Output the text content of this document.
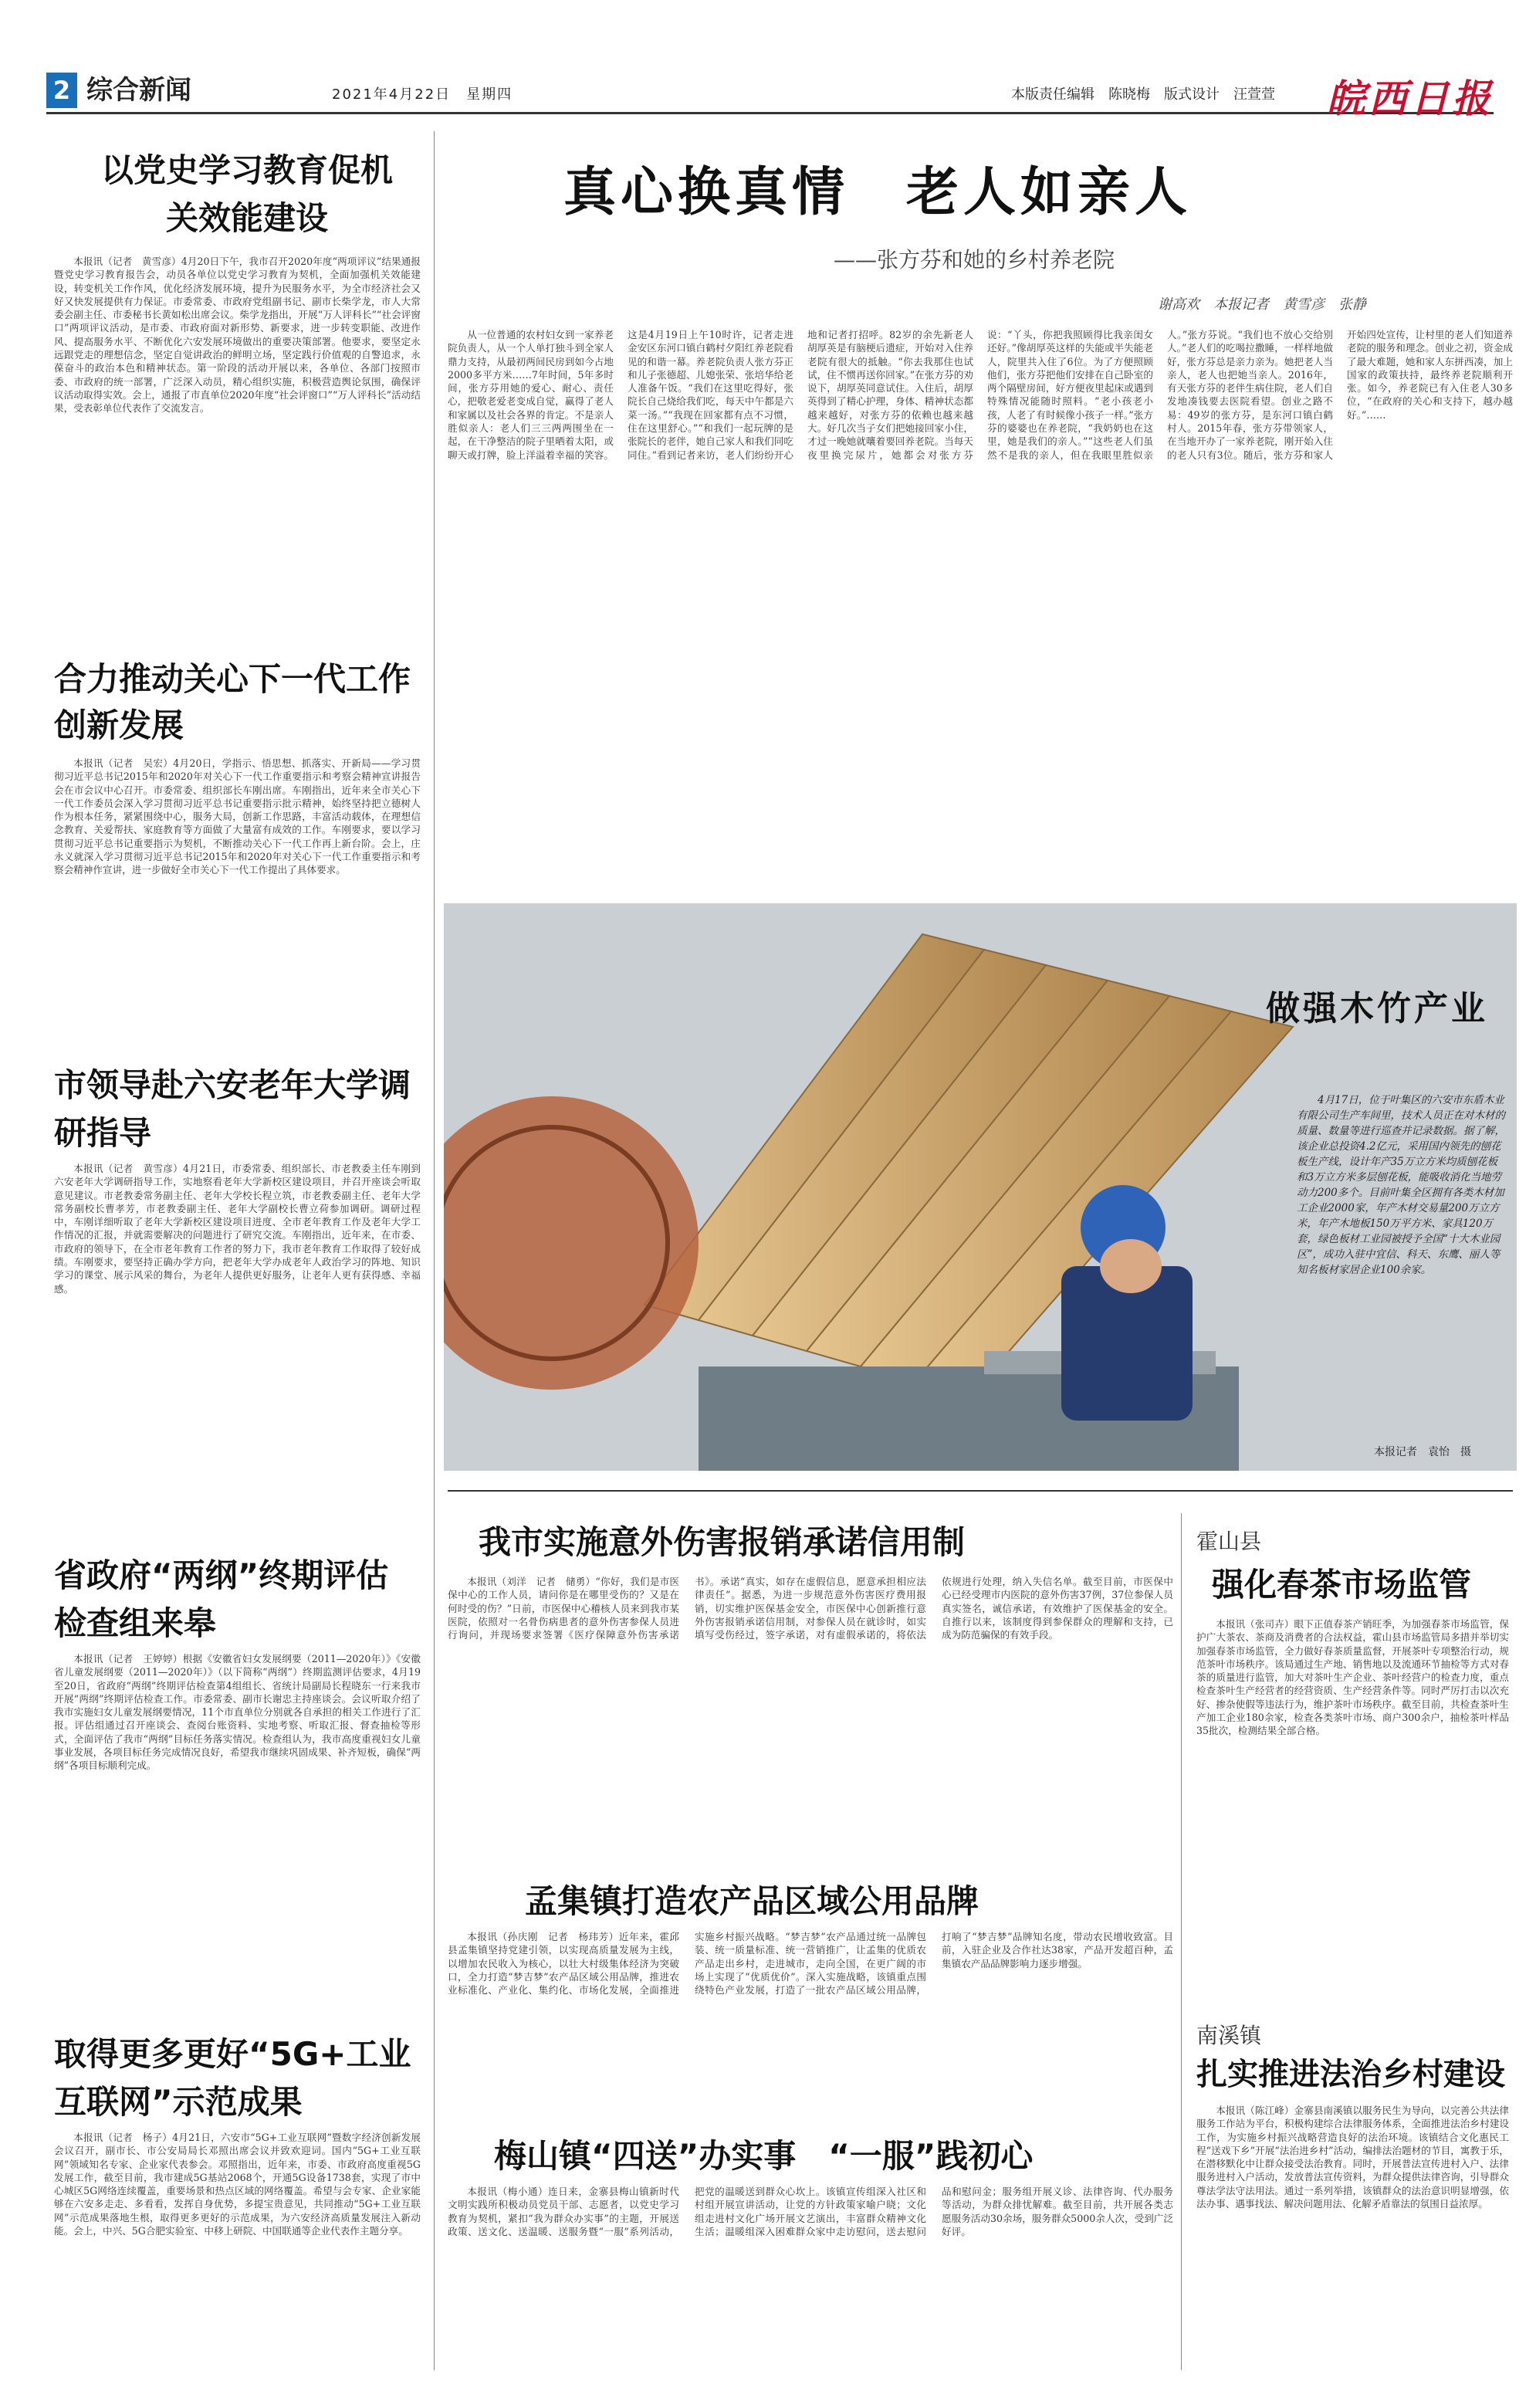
2 综合新闻	2021年4月22日　星期四	本版责任编辑　陈晓梅　版式设计　汪萱萱 皖西日报
以党史学习教育促机关效能建设
本报讯（记者　黄雪彦）4月20日下午，我市召开2020年度“两项评议”结果通报暨党史学习教育报告会，动员各单位以党史学习教育为契机，全面加强机关效能建设，转变机关工作作风，优化经济发展环境，提升为民服务水平，为全市经济社会又好又快发展提供有力保证。市委常委、市政府党组副书记、副市长柴学龙，市人大常委会副主任、市委秘书长黄如松出席会议。柴学龙指出，开展“万人评科长”“社会评窗口”两项评议活动，是市委、市政府面对新形势、新要求，进一步转变职能、改进作风、提高服务水平、不断优化六安发展环境做出的重要决策部署。他要求，要坚定永远跟党走的理想信念，坚定自觉讲政治的鲜明立场，坚定践行价值观的自警追求，永葆奋斗的政治本色和精神状态。第一阶段的活动开展以来，各单位、各部门按照市委、市政府的统一部署，广泛深入动员，精心组织实施，积极营造舆论氛围，确保评议活动取得实效。会上，通报了市直单位2020年度“社会评窗口”“万人评科长”活动结果，受表彰单位代表作了交流发言。
合力推动关心下一代工作创新发展
本报讯（记者　吴宏）4月20日，学指示、悟思想、抓落实、开新局——学习贯彻习近平总书记2015年和2020年对关心下一代工作重要指示和考察会精神宣讲报告会在市会议中心召开。市委常委、组织部长车刚出席。车刚指出，近年来全市关心下一代工作委员会深入学习贯彻习近平总书记重要指示批示精神，始终坚持把立德树人作为根本任务，紧紧围绕中心，服务大局，创新工作思路，丰富活动载体，在理想信念教育、关爱帮扶、家庭教育等方面做了大量富有成效的工作。车刚要求，要以学习贯彻习近平总书记重要指示为契机，不断推动关心下一代工作再上新台阶。会上，庄永义就深入学习贯彻习近平总书记2015年和2020年对关心下一代工作重要指示和考察会精神作宣讲，进一步做好全市关心下一代工作提出了具体要求。
市领导赴六安老年大学调研指导
本报讯（记者　黄雪彦）4月21日，市委常委、组织部长、市老教委主任车刚到六安老年大学调研指导工作，实地察看老年大学新校区建设项目，并召开座谈会听取意见建议。市老教委常务副主任、老年大学校长程立筑，市老教委副主任、老年大学常务副校长曹孝芳，市老教委副主任、老年大学副校长曹立荷参加调研。调研过程中，车刚详细听取了老年大学新校区建设项目进度、全市老年教育工作及老年大学工作情况的汇报，并就需要解决的问题进行了研究交流。车刚指出，近年来，在市委、市政府的领导下，在全市老年教育工作者的努力下，我市老年教育工作取得了较好成绩。车刚要求，要坚持正确办学方向，把老年大学办成老年人政治学习的阵地、知识学习的课堂、展示风采的舞台，为老年人提供更好服务，让老年人更有获得感、幸福感。
省政府“两纲”终期评估检查组来皋
本报讯（记者　王婷婷）根据《安徽省妇女发展纲要（2011—2020年）》《安徽省儿童发展纲要（2011—2020年）》（以下简称“两纲”）终期监测评估要求，4月19至20日，省政府“两纲”终期评估检查第4组组长、省统计局副局长程晓东一行来我市开展“两纲”终期评估检查工作。市委常委、副市长谢忠主持座谈会。会议听取介绍了我市实施妇女儿童发展纲要情况，11个市直单位分别就各自承担的相关工作进行了汇报。评估组通过召开座谈会、查阅台账资料、实地考察、听取汇报、督查抽检等形式，全面评估了我市“两纲”目标任务落实情况。检查组认为，我市高度重视妇女儿童事业发展，各项目标任务完成情况良好，希望我市继续巩固成果、补齐短板，确保“两纲”各项目标顺利完成。
取得更多更好“5G+工业互联网”示范成果
本报讯（记者　杨子）4月21日，六安市“5G+工业互联网”暨数字经济创新发展会议召开，副市长、市公安局局长邓照出席会议并致欢迎词。国内“5G+工业互联网”领域知名专家、企业家代表参会。邓照指出，近年来，市委、市政府高度重视5G发展工作，截至目前，我市建成5G基站2068个，开通5G设备1738套，实现了市中心城区5G网络连续覆盖，重要场景和热点区域的网络覆盖。希望与会专家、企业家能够在六安多走走、多看看，发挥自身优势，多提宝贵意见，共同推动“5G+工业互联网”示范成果落地生根，取得更多更好的示范成果，为六安经济高质量发展注入新动能。会上，中兴、5G合肥实验室、中移上研院、中国联通等企业代表作主题分享。
真心换真情　老人如亲人
——张方芬和她的乡村养老院
谢高欢　本报记者　黄雪彦　张静
从一位普通的农村妇女到一家养老院负责人，从一个人单打独斗到全家人鼎力支持，从最初两间民房到如今占地2000多平方米……7年时间，5年多时间，张方芬用她的爱心、耐心、责任心，把敬老爱老变成自觉，赢得了老人和家属以及社会各界的肯定。不是亲人胜似亲人：老人们三三两两围坐在一起，在干净整洁的院子里晒着太阳，或聊天或打牌，脸上洋溢着幸福的笑容。这是4月19日上午10时许，记者走进金安区东河口镇白鹤村夕阳红养老院看见的和谐一幕。养老院负责人张方芬正和儿子张德超、儿媳张荣、张培华给老人准备午饭。“我们在这里吃得好，张院长自己烧给我们吃，每天中午都是六菜一汤。”“我现在回家都有点不习惯，住在这里舒心。”“和我们一起玩牌的是张院长的老伴，她自己家人和我们同吃同住。”看到记者来访，老人们纷纷开心地和记者打招呼。82岁的余先新老人胡厚英是有脑梗后遗症，开始对入住养老院有很大的抵触。“你去我那住也试试，住不惯再送你回家。”在张方芬的劝说下，胡厚英同意试住。入住后，胡厚英得到了精心护理，身体、精神状态都越来越好，对张方芬的依赖也越来越大。好几次当子女们把她接回家小住，才过一晚她就嚷着要回养老院。当每天夜里换完尿片，她都会对张方芬说：“丫头，你把我照顾得比我亲闺女还好。”像胡厚英这样的失能或半失能老人，院里共入住了6位。为了方便照顾他们，张方芬把他们安排在自己卧室的两个隔壁房间，好方便夜里起床或遇到特殊情况能随时照料。“老小孩老小孩，人老了有时候像小孩子一样。”张方芬的婆婆也在养老院，“我奶奶也在这里，她是我们的亲人。”“这些老人们虽然不是我的亲人，但在我眼里胜似亲人。”张方芬说。“我们也不放心交给别人。”老人们的吃喝拉撒睡，一样样地做好，张方芬总是亲力亲为。她把老人当亲人，老人也把她当亲人。2016年，有天张方芬的老伴生病住院，老人们自发地凑钱要去医院看望。创业之路不易：49岁的张方芬，是东河口镇白鹤村人。2015年春，张方芬带领家人，在当地开办了一家养老院，刚开始入住的老人只有3位。随后，张方芬和家人开始四处宣传，让村里的老人们知道养老院的服务和理念。创业之初，资金成了最大难题，她和家人东拼西凑，加上国家的政策扶持，最终养老院顺利开张。如今，养老院已有入住老人30多位，“在政府的关心和支持下，越办越好。”……
做强木竹产业
4月17日，位于叶集区的六安市东盾木业有限公司生产车间里，技术人员正在对木材的质量、数量等进行巡查并记录数据。据了解，该企业总投资4.2亿元，采用国内领先的刨花板生产线，设计年产35万立方米均质刨花板和3万立方米多层刨花板，能吸收消化当地劳动力200多个。目前叶集全区拥有各类木材加工企业2000家，年产木材交易量200万立方米，年产木地板150万平方米、家具120万套，绿色板材工业园被授予全国“十大木业园区”，成功入驻中宜信、科天、东鹰、丽人等知名板材家居企业100余家。
本报记者　袁怡　摄
我市实施意外伤害报销承诺信用制
本报讯（刘洋　记者　储勇）“你好，我们是市医保中心的工作人员，请问你是在哪里受伤的？又是在何时受的伤？”日前，市医保中心稽核人员来到我市某医院，依照对一名骨伤病患者的意外伤害参保人员进行询问，并现场要求签署《医疗保障意外伤害承诺书》。承诺“真实，如存在虚假信息，愿意承担相应法律责任”。据悉，为进一步规范意外伤害医疗费用报销，切实维护医保基金安全，市医保中心创新推行意外伤害报销承诺信用制，对参保人员在就诊时，如实填写受伤经过，签字承诺，对有虚假承诺的，将依法依规进行处理，纳入失信名单。截至目前，市医保中心已经受理市内医院的意外伤害37例，37位参保人员真实签名，诚信承诺，有效维护了医保基金的安全。自推行以来，该制度得到参保群众的理解和支持，已成为防范骗保的有效手段。
孟集镇打造农产品区域公用品牌
本报讯（孙庆刚　记者　杨玮芳）近年来，霍邱县孟集镇坚持党建引领，以实现高质量发展为主线，以增加农民收入为核心，以壮大村级集体经济为突破口，全力打造“梦吉梦”农产品区域公用品牌，推进农业标准化、产业化、集约化、市场化发展，全面推进实施乡村振兴战略。“梦吉梦”农产品通过统一品牌包装、统一质量标准、统一营销推广，让孟集的优质农产品走出乡村，走进城市，走向全国，在更广阔的市场上实现了“优质优价”。深入实施战略，该镇重点围绕特色产业发展，打造了一批农产品区域公用品牌，打响了“梦吉梦”品牌知名度，带动农民增收致富。目前，入驻企业及合作社达38家，产品开发超百种，孟集镇农产品品牌影响力逐步增强。
梅山镇“四送”办实事　“一服”践初心
本报讯（梅小通）连日来，金寨县梅山镇新时代文明实践所积极动员党员干部、志愿者，以党史学习教育为契机，紧扣“我为群众办实事”的主题，开展送政策、送文化、送温暖、送服务暨“一服”系列活动，把党的温暖送到群众心坎上。该镇宣传组深入社区和村组开展宣讲活动，让党的方针政策家喻户晓；文化组走进村文化广场开展文艺演出，丰富群众精神文化生活；温暖组深入困难群众家中走访慰问，送去慰问品和慰问金；服务组开展义诊、法律咨询、代办服务等活动，为群众排忧解难。截至目前，共开展各类志愿服务活动30余场，服务群众5000余人次，受到广泛好评。
霍山县
强化春茶市场监管
本报讯（张司卉）眼下正值春茶产销旺季，为加强春茶市场监管，保护广大茶农、茶商及消费者的合法权益，霍山县市场监管局多措并举切实加强春茶市场监管，全力做好春茶质量监督，开展茶叶专项整治行动，规范茶叶市场秩序。该局通过生产地、销售地以及流通环节抽检等方式对春茶的质量进行监管，加大对茶叶生产企业、茶叶经营户的检查力度，重点检查茶叶生产经营者的经营资质、生产经营条件等。同时严厉打击以次充好、掺杂使假等违法行为，维护茶叶市场秩序。截至目前，共检查茶叶生产加工企业180余家，检查各类茶叶市场、商户300余户，抽检茶叶样品35批次，检测结果全部合格。
南溪镇
扎实推进法治乡村建设
本报讯（陈江峰）金寨县南溪镇以服务民生为导向，以完善公共法律服务工作站为平台，积极构建综合法律服务体系，全面推进法治乡村建设工作，为实施乡村振兴战略营造良好的法治环境。该镇结合文化惠民工程“送戏下乡”开展“法治进乡村”活动，编排法治题材的节目，寓教于乐，在潜移默化中让群众接受法治教育。同时，开展普法宣传进村入户、法律服务进村入户活动，发放普法宣传资料，为群众提供法律咨询，引导群众尊法学法守法用法。通过一系列举措，该镇群众的法治意识明显增强，依法办事、遇事找法、解决问题用法、化解矛盾靠法的氛围日益浓厚。
